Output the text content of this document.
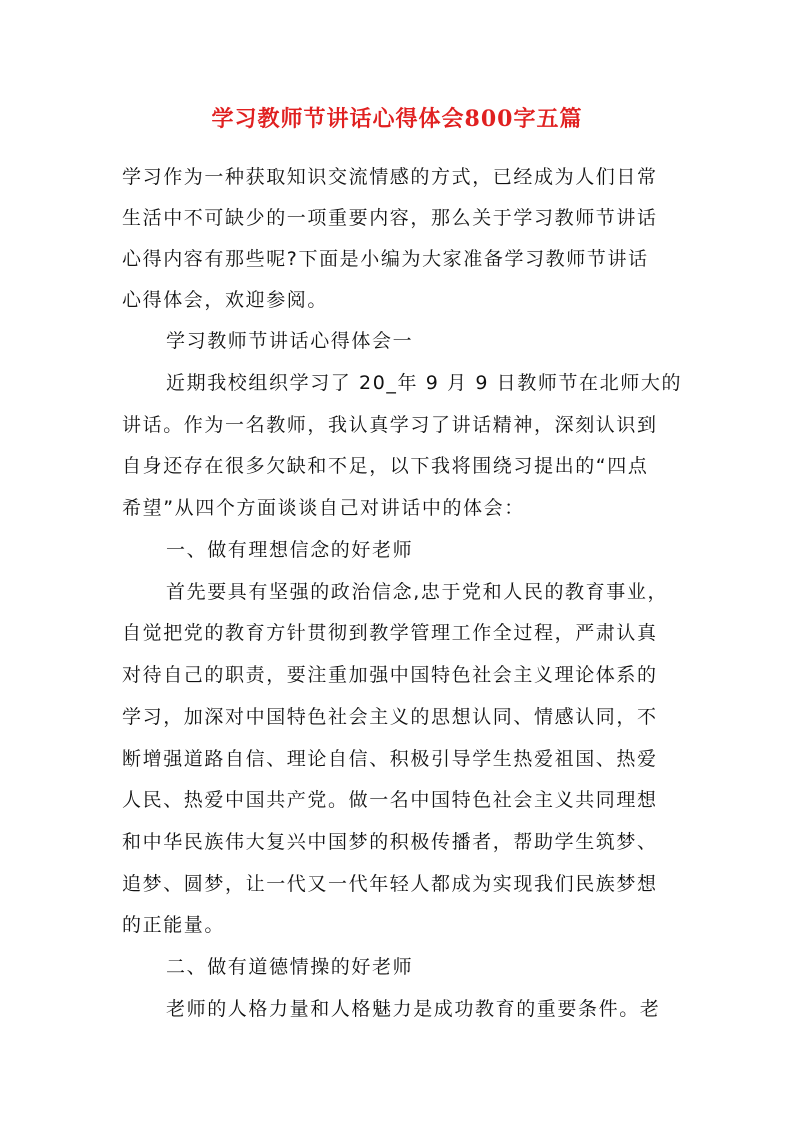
学习教师节讲话心得体会800字五篇
学习作为一种获取知识交流情感的方式，已经成为人们日常
生活中不可缺少的一项重要内容，那么关于学习教师节讲话
心得内容有那些呢?下面是小编为大家准备学习教师节讲话
心得体会，欢迎参阅。
学习教师节讲话心得体会一
近期我校组织学习了 20_年 9 月 9 日教师节在北师大的
讲话。作为一名教师，我认真学习了讲话精神，深刻认识到
自身还存在很多欠缺和不足，以下我将围绕习提出的“四点
希望”从四个方面谈谈自己对讲话中的体会：
一、做有理想信念的好老师
首先要具有坚强的政治信念,忠于党和人民的教育事业，
自觉把党的教育方针贯彻到教学管理工作全过程，严肃认真
对待自己的职责，要注重加强中国特色社会主义理论体系的
学习，加深对中国特色社会主义的思想认同、情感认同，不
断增强道路自信、理论自信、积极引导学生热爱祖国、热爱
人民、热爱中国共产党。做一名中国特色社会主义共同理想
和中华民族伟大复兴中国梦的积极传播者，帮助学生筑梦、
追梦、圆梦，让一代又一代年轻人都成为实现我们民族梦想
的正能量。
二、做有道德情操的好老师
老师的人格力量和人格魅力是成功教育的重要条件。老
